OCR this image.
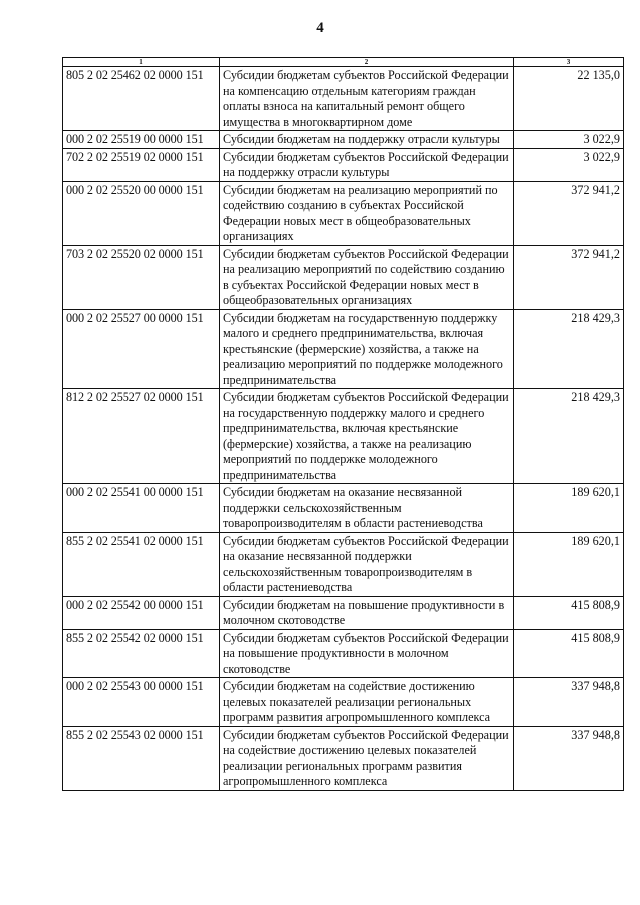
4
1	2	3
805 2 02 25462 02 0000 151	Субсидии бюджетам субъектов Российской Федерации на компенсацию отдельным категориям граждан оплаты взноса на капитальный ремонт общего имущества в многоквартирном доме	22 135,0
000 2 02 25519 00 0000 151	Субсидии бюджетам на поддержку отрасли культуры	3 022,9
702 2 02 25519 02 0000 151	Субсидии бюджетам субъектов Российской Федерации на поддержку отрасли культуры	3 022,9
000 2 02 25520 00 0000 151	Субсидии бюджетам на реализацию мероприятий по содействию созданию в субъектах Российской Федерации новых мест в общеобразовательных организациях	372 941,2
703 2 02 25520 02 0000 151	Субсидии бюджетам субъектов Российской Федерации на реализацию мероприятий по содействию созданию в субъектах Российской Федерации новых мест в общеобразовательных организациях	372 941,2
000 2 02 25527 00 0000 151	Субсидии бюджетам на государственную поддержку малого и среднего предпринимательства, включая крестьянские (фермерские) хозяйства, а также на реализацию мероприятий по поддержке молодежного предпринимательства	218 429,3
812 2 02 25527 02 0000 151	Субсидии бюджетам субъектов Российской Федерации на государственную поддержку малого и среднего предпринимательства, включая крестьянские (фермерские) хозяйства, а также на реализацию мероприятий по поддержке молодежного предпринимательства	218 429,3
000 2 02 25541 00 0000 151	Субсидии бюджетам на оказание несвязанной поддержки сельскохозяйственным товаропроизводителям в области растениеводства	189 620,1
855 2 02 25541 02 0000 151	Субсидии бюджетам субъектов Российской Федерации на оказание несвязанной поддержки сельскохозяйственным товаропроизводителям в области растениеводства	189 620,1
000 2 02 25542 00 0000 151	Субсидии бюджетам на повышение продуктивности в молочном скотоводстве	415 808,9
855 2 02 25542 02 0000 151	Субсидии бюджетам субъектов Российской Федерации на повышение продуктивности в молочном скотоводстве	415 808,9
000 2 02 25543 00 0000 151	Субсидии бюджетам на содействие достижению целевых показателей реализации региональных программ развития агропромышленного комплекса	337 948,8
855 2 02 25543 02 0000 151	Субсидии бюджетам субъектов Российской Федерации на содействие достижению целевых показателей реализации региональных программ развития агропромышленного комплекса	337 948,8
